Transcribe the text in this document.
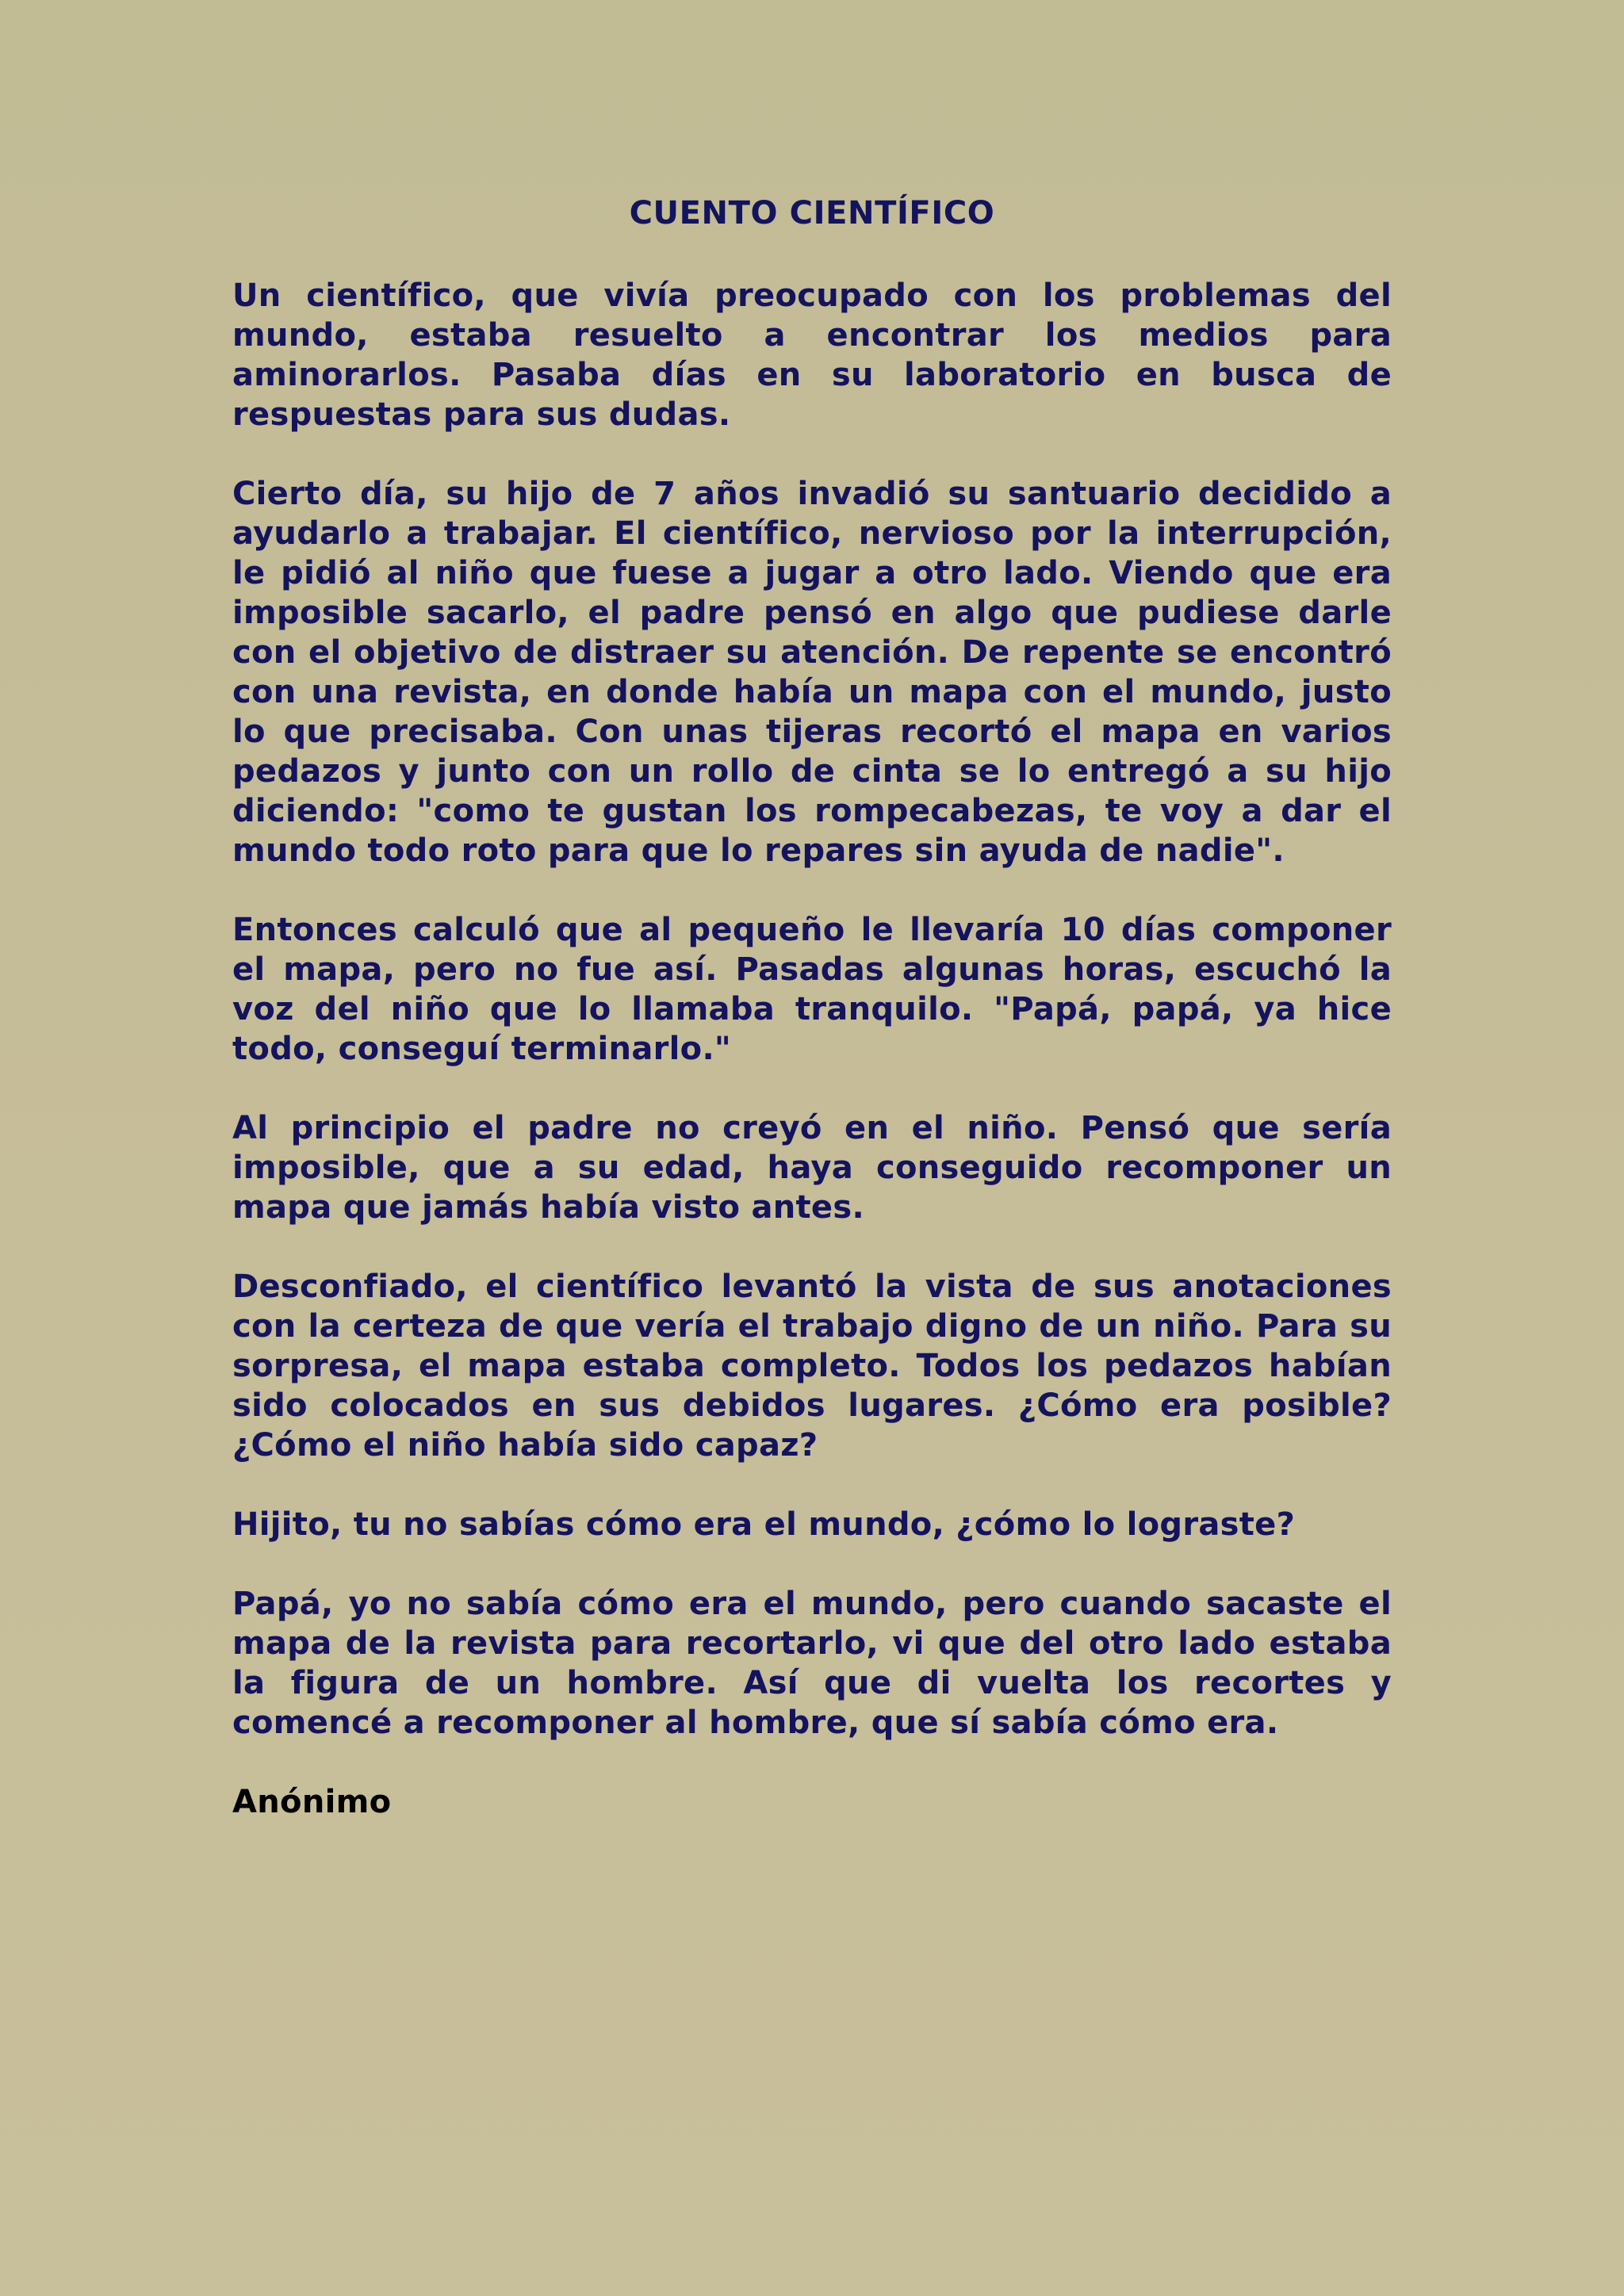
CUENTO CIENTÍFICO

Un científico, que vivía preocupado con los problemas del mundo, estaba resuelto a encontrar los medios para aminorarlos. Pasaba días en su laboratorio en busca de respuestas para sus dudas.

Cierto día, su hijo de 7 años invadió su santuario decidido a ayudarlo a trabajar. El científico, nervioso por la interrupción, le pidió al niño que fuese a jugar a otro lado. Viendo que era imposible sacarlo, el padre pensó en algo que pudiese darle con el objetivo de distraer su atención. De repente se encontró con una revista, en donde había un mapa con el mundo, justo lo que precisaba. Con unas tijeras recortó el mapa en varios pedazos y junto con un rollo de cinta se lo entregó a su hijo diciendo: "como te gustan los rompecabezas, te voy a dar el mundo todo roto para que lo repares sin ayuda de nadie".

Entonces calculó que al pequeño le llevaría 10 días componer el mapa, pero no fue así. Pasadas algunas horas, escuchó la voz del niño que lo llamaba tranquilo. "Papá, papá, ya hice todo, conseguí terminarlo."

Al principio el padre no creyó en el niño. Pensó que sería imposible, que a su edad, haya conseguido recomponer un mapa que jamás había visto antes.

Desconfiado, el científico levantó la vista de sus anotaciones con la certeza de que vería el trabajo digno de un niño. Para su sorpresa, el mapa estaba completo. Todos los pedazos habían sido colocados en sus debidos lugares. ¿Cómo era posible? ¿Cómo el niño había sido capaz?

Hijito, tu no sabías cómo era el mundo, ¿cómo lo lograste?

Papá, yo no sabía cómo era el mundo, pero cuando sacaste el mapa de la revista para recortarlo, vi que del otro lado estaba la figura de un hombre. Así que di vuelta los recortes y comencé a recomponer al hombre, que sí sabía cómo era.

Anónimo
